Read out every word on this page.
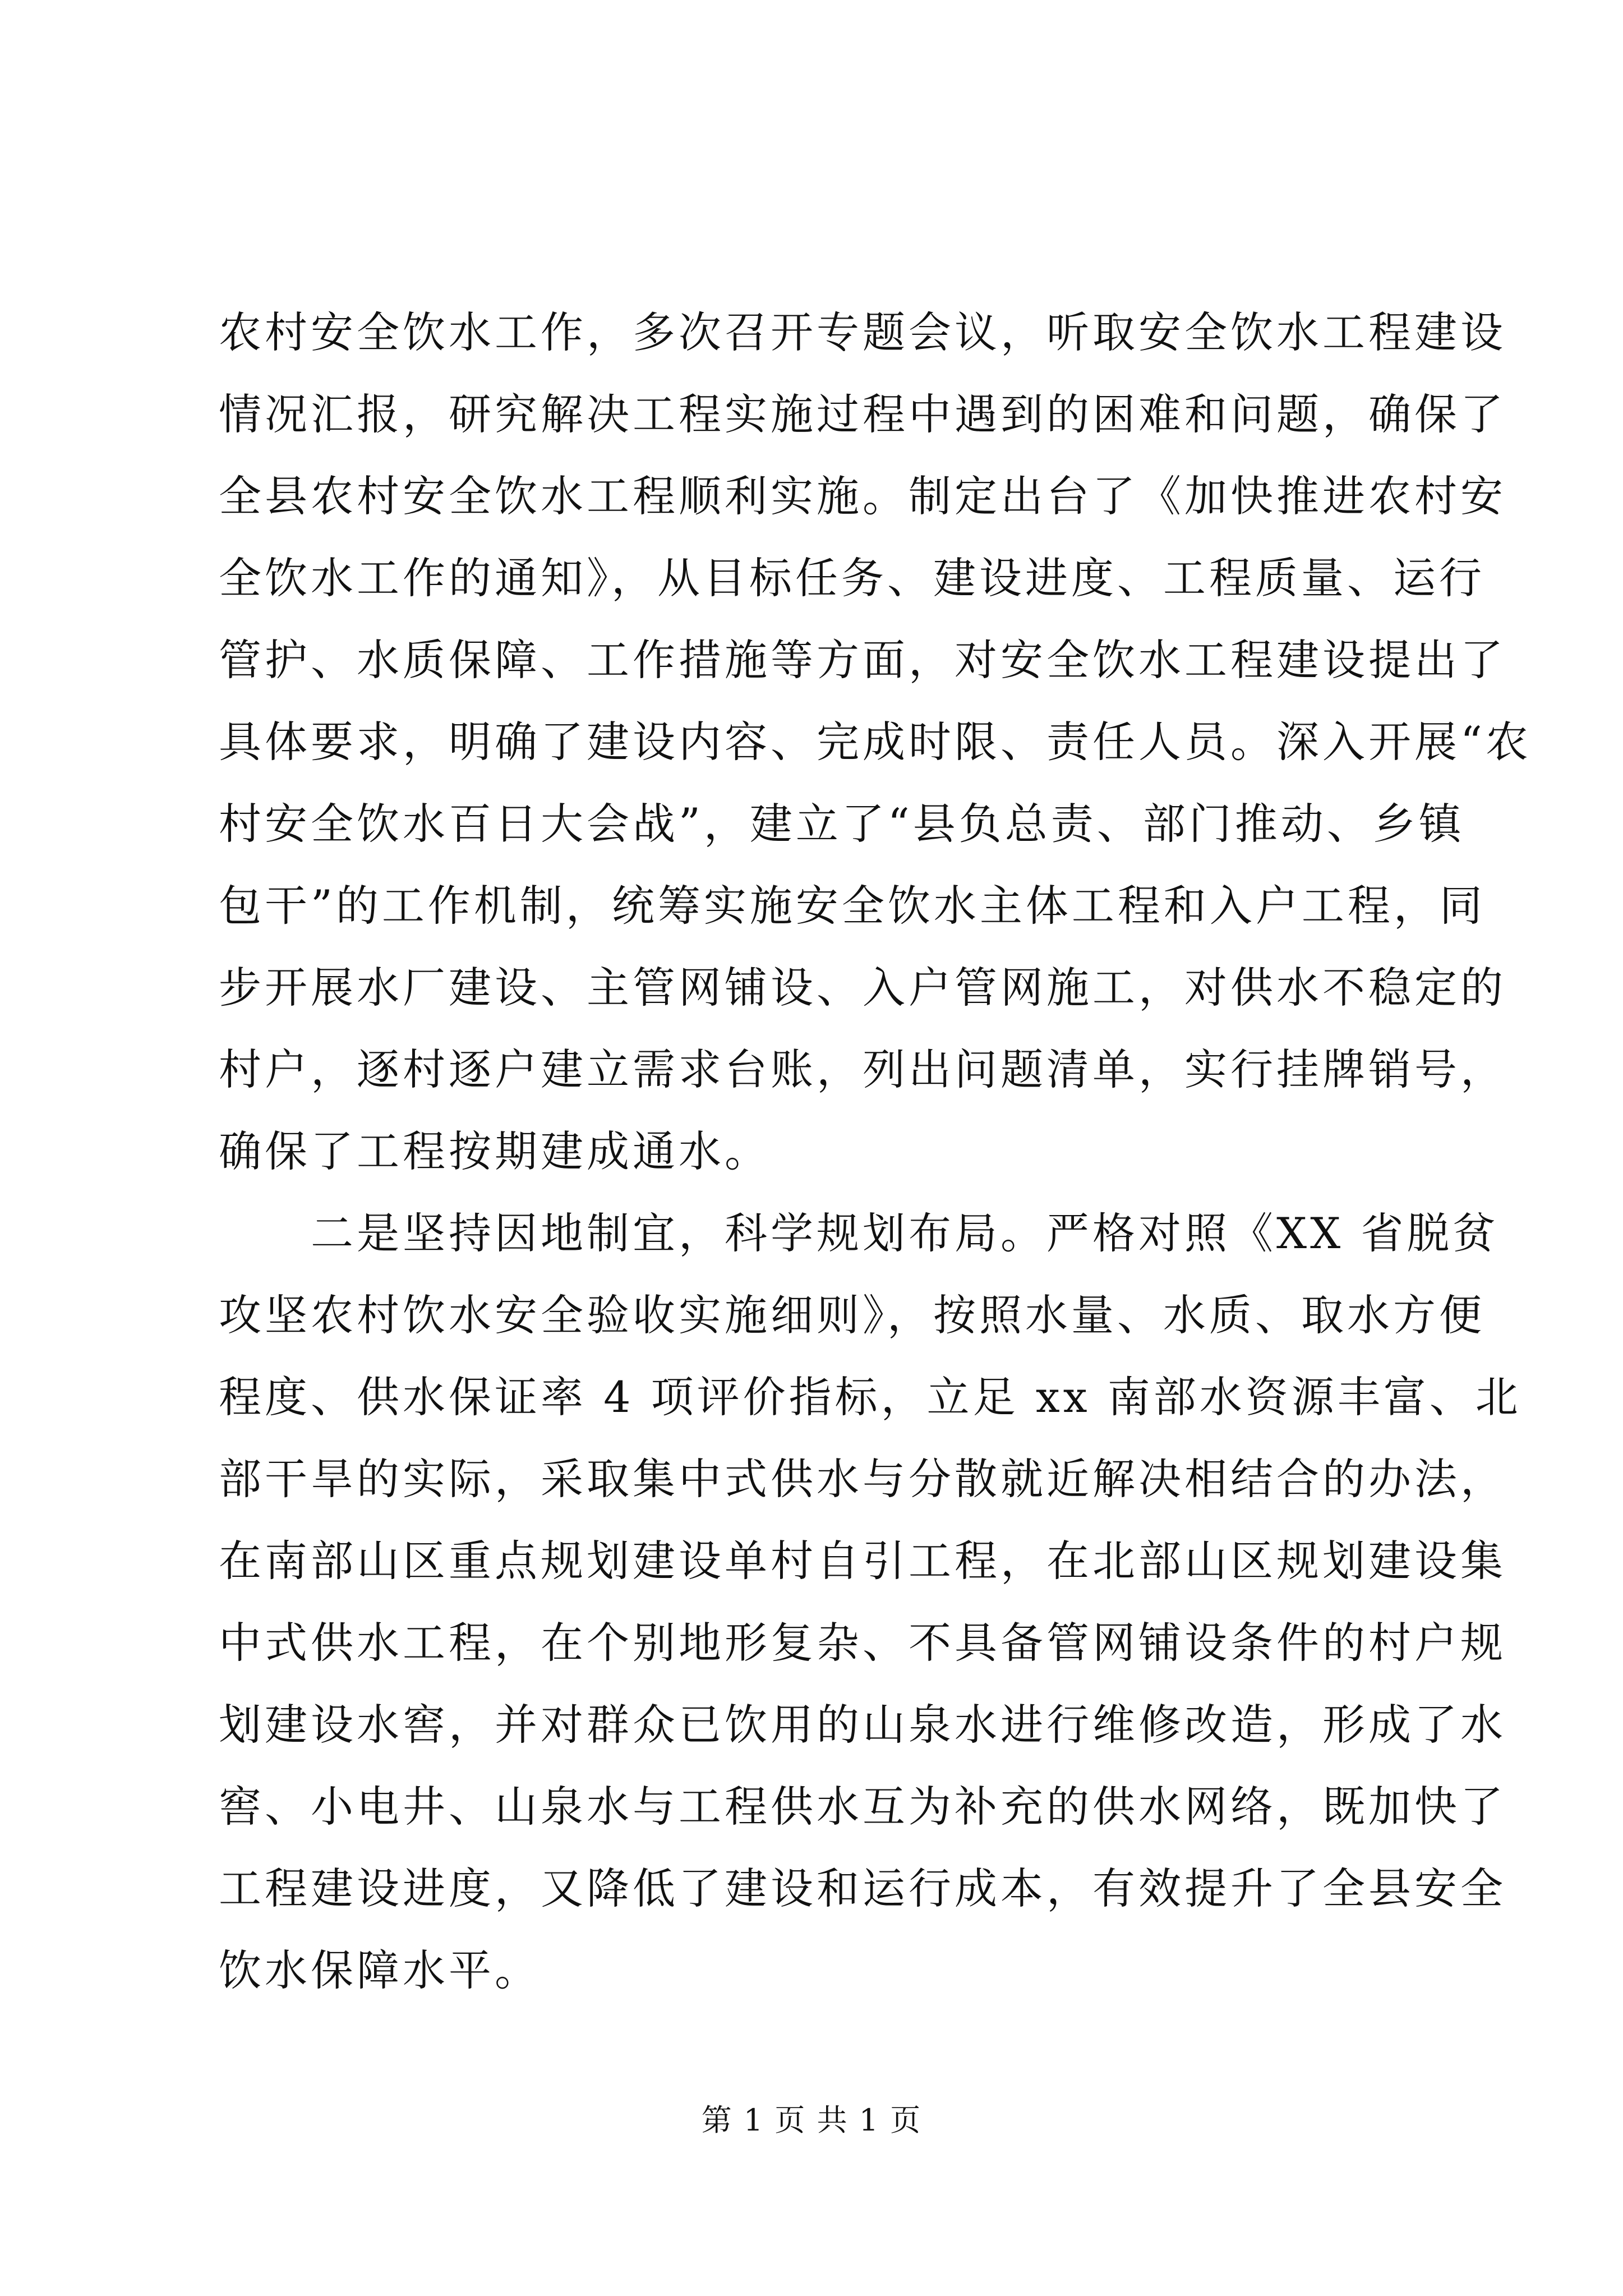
农村安全饮水工作，多次召开专题会议，听取安全饮水工程建设
情况汇报，研究解决工程实施过程中遇到的困难和问题，确保了
全县农村安全饮水工程顺利实施。制定出台了《加快推进农村安
全饮水工作的通知》，从目标任务、建设进度、工程质量、运行
管护、水质保障、工作措施等方面，对安全饮水工程建设提出了
具体要求，明确了建设内容、完成时限、责任人员。深入开展“农
村安全饮水百日大会战”，建立了“县负总责、部门推动、乡镇
包干”的工作机制，统筹实施安全饮水主体工程和入户工程，同
步开展水厂建设、主管网铺设、入户管网施工，对供水不稳定的
村户，逐村逐户建立需求台账，列出问题清单，实行挂牌销号，
确保了工程按期建成通水。
二是坚持因地制宜，科学规划布局。严格对照《XX 省脱贫
攻坚农村饮水安全验收实施细则》，按照水量、水质、取水方便
程度、供水保证率 4 项评价指标，立足 xx 南部水资源丰富、北
部干旱的实际，采取集中式供水与分散就近解决相结合的办法，
在南部山区重点规划建设单村自引工程，在北部山区规划建设集
中式供水工程，在个别地形复杂、不具备管网铺设条件的村户规
划建设水窖，并对群众已饮用的山泉水进行维修改造，形成了水
窖、小电井、山泉水与工程供水互为补充的供水网络，既加快了
工程建设进度，又降低了建设和运行成本，有效提升了全县安全
饮水保障水平。
第 1 页 共 1 页
